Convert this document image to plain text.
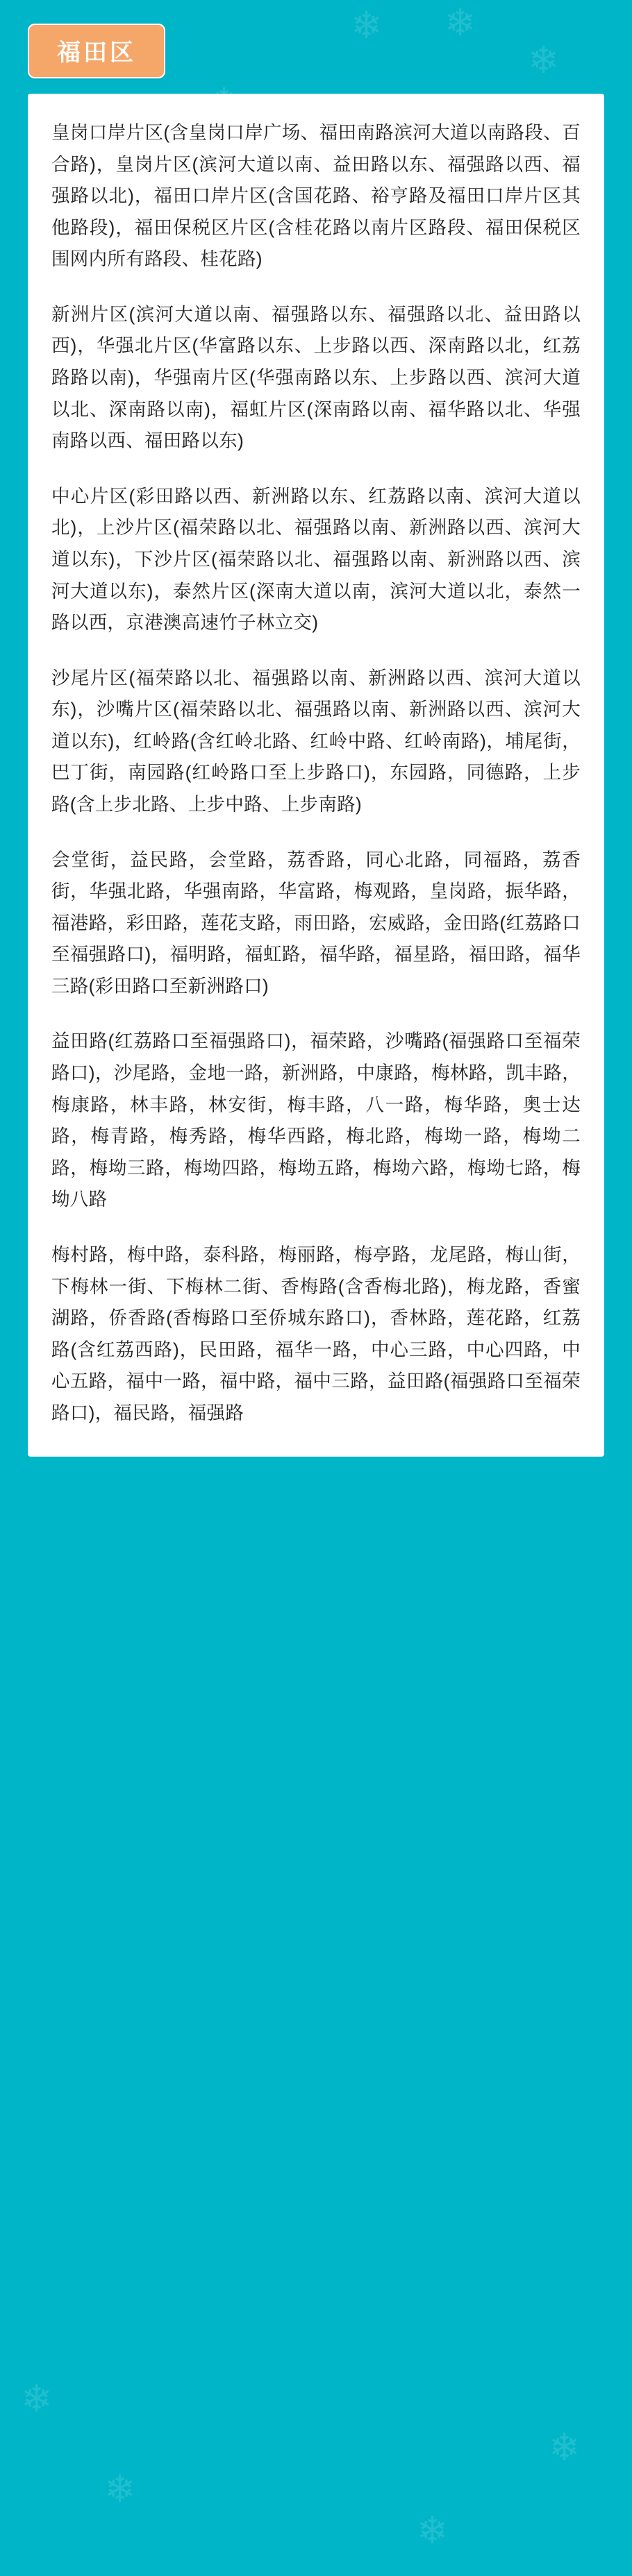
❄ ❄
❄
❄
❄
❄
❄
福田区

皇岗口岸片区(含皇岗口岸广场、福田南路滨河大道以南路段、百合路)，皇岗片区(滨河大道以南、益田路以东、福强路以西、福强路以北)，福田口岸片区(含国花路、裕亨路及福田口岸片区其他路段)，福田保税区片区(含桂花路以南片区路段、福田保税区围网内所有路段、桂花路)

新洲片区(滨河大道以南、福强路以东、福强路以北、益田路以西)，华强北片区(华富路以东、上步路以西、深南路以北，红荔路路以南)，华强南片区(华强南路以东、上步路以西、滨河大道以北、深南路以南)，福虹片区(深南路以南、福华路以北、华强南路以西、福田路以东)

中心片区(彩田路以西、新洲路以东、红荔路以南、滨河大道以北)，上沙片区(福荣路以北、福强路以南、新洲路以西、滨河大道以东)，下沙片区(福荣路以北、福强路以南、新洲路以西、滨河大道以东)，泰然片区(深南大道以南，滨河大道以北，泰然一路以西，京港澳高速竹子林立交)

沙尾片区(福荣路以北、福强路以南、新洲路以西、滨河大道以东)，沙嘴片区(福荣路以北、福强路以南、新洲路以西、滨河大道以东)，红岭路(含红岭北路、红岭中路、红岭南路)，埔尾街，巴丁街，南园路(红岭路口至上步路口)，东园路，同德路，上步路(含上步北路、上步中路、上步南路)

会堂街，益民路，会堂路，荔香路，同心北路，同福路，荔香街，华强北路，华强南路，华富路，梅观路，皇岗路，振华路，福港路，彩田路，莲花支路，雨田路，宏威路，金田路(红荔路口至福强路口)，福明路，福虹路，福华路，福星路，福田路，福华三路(彩田路口至新洲路口)

益田路(红荔路口至福强路口)，福荣路，沙嘴路(福强路口至福荣路口)，沙尾路，金地一路，新洲路，中康路，梅林路，凯丰路，梅康路，林丰路，林安街，梅丰路，八一路，梅华路，奥士达路，梅青路，梅秀路，梅华西路，梅北路，梅坳一路，梅坳二路，梅坳三路，梅坳四路，梅坳五路，梅坳六路，梅坳七路，梅坳八路

梅村路，梅中路，泰科路，梅丽路，梅亭路，龙尾路，梅山街，下梅林一街、下梅林二街、香梅路(含香梅北路)，梅龙路，香蜜湖路，侨香路(香梅路口至侨城东路口)，香林路，莲花路，红荔路(含红荔西路)，民田路，福华一路，中心三路，中心四路，中心五路，福中一路，福中路，福中三路，益田路(福强路口至福荣路口)，福民路，福强路
